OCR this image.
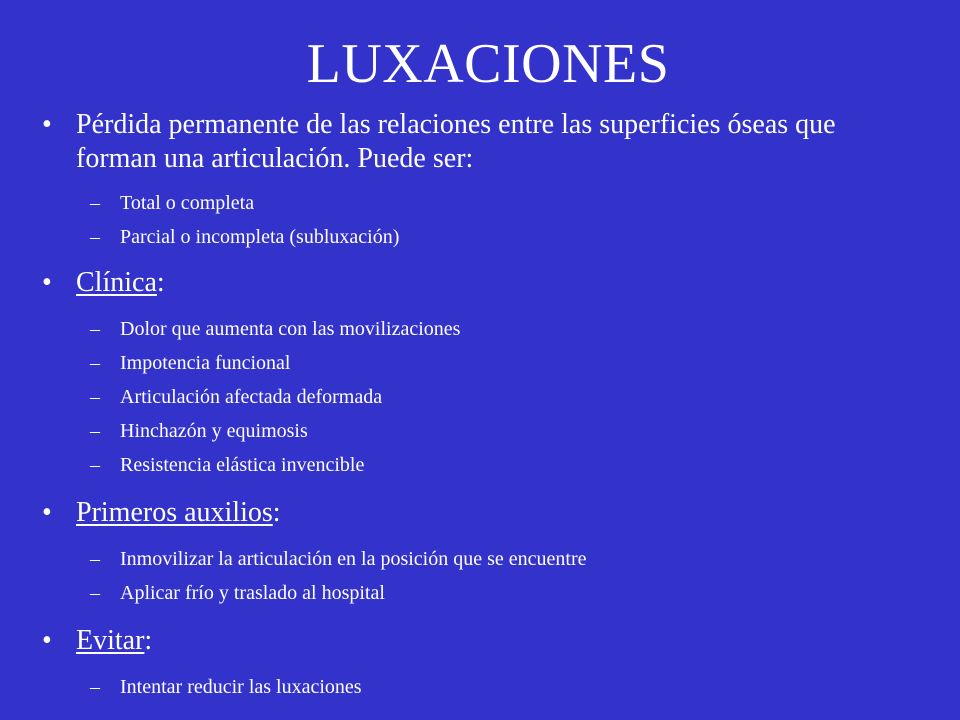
LUXACIONES
• Pérdida permanente de las relaciones entre las superficies óseas que forman una articulación. Puede ser:
– Total o completa
– Parcial o incompleta (subluxación)
• Clínica:
– Dolor que aumenta con las movilizaciones
– Impotencia funcional
– Articulación afectada deformada
– Hinchazón y equimosis
– Resistencia elástica invencible
• Primeros auxilios:
– Inmovilizar la articulación en la posición que se encuentre
– Aplicar frío y traslado al hospital
• Evitar:
– Intentar reducir las luxaciones
